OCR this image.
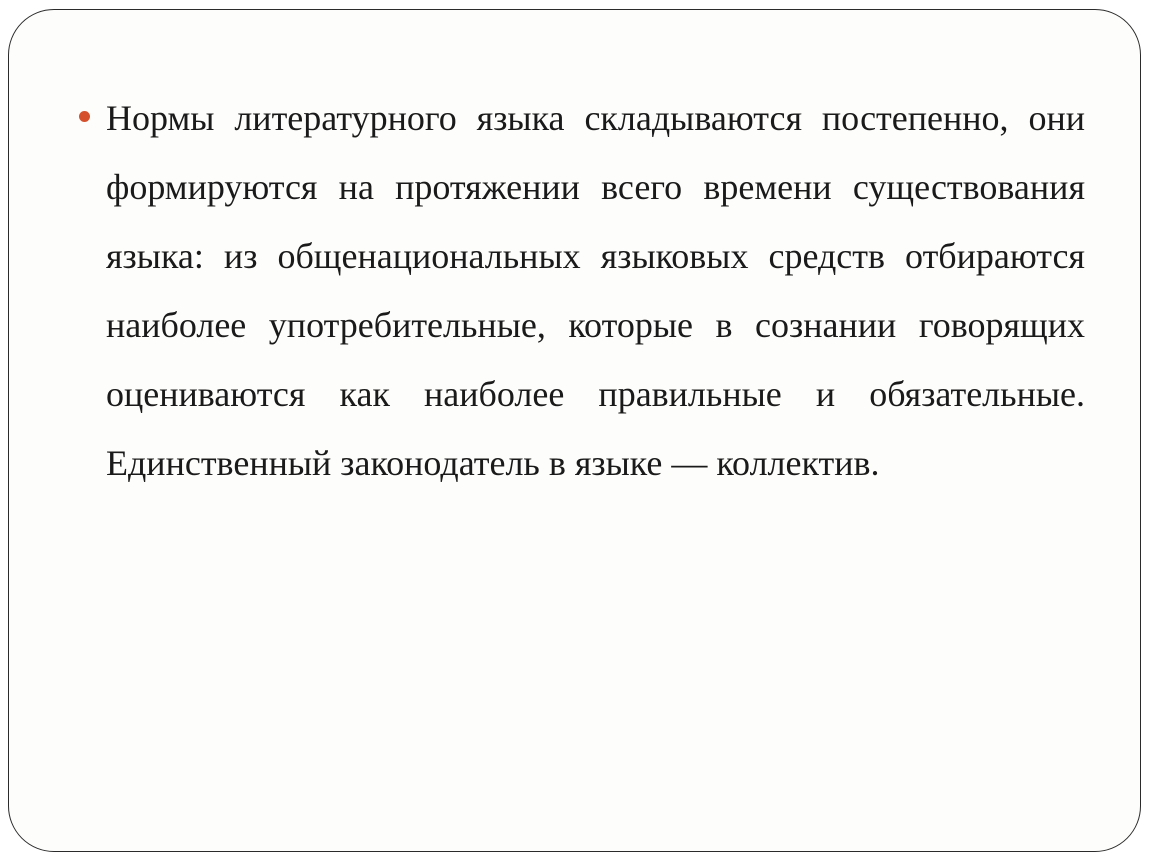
Нормы литературного языка складываются постепенно, они формируются на протяжении всего времени существования языка: из общенациональных языковых средств отбираются наиболее употребительные, которые в сознании говорящих оцениваются как наиболее правильные и обязательные. Единственный законодатель в языке — коллектив.
